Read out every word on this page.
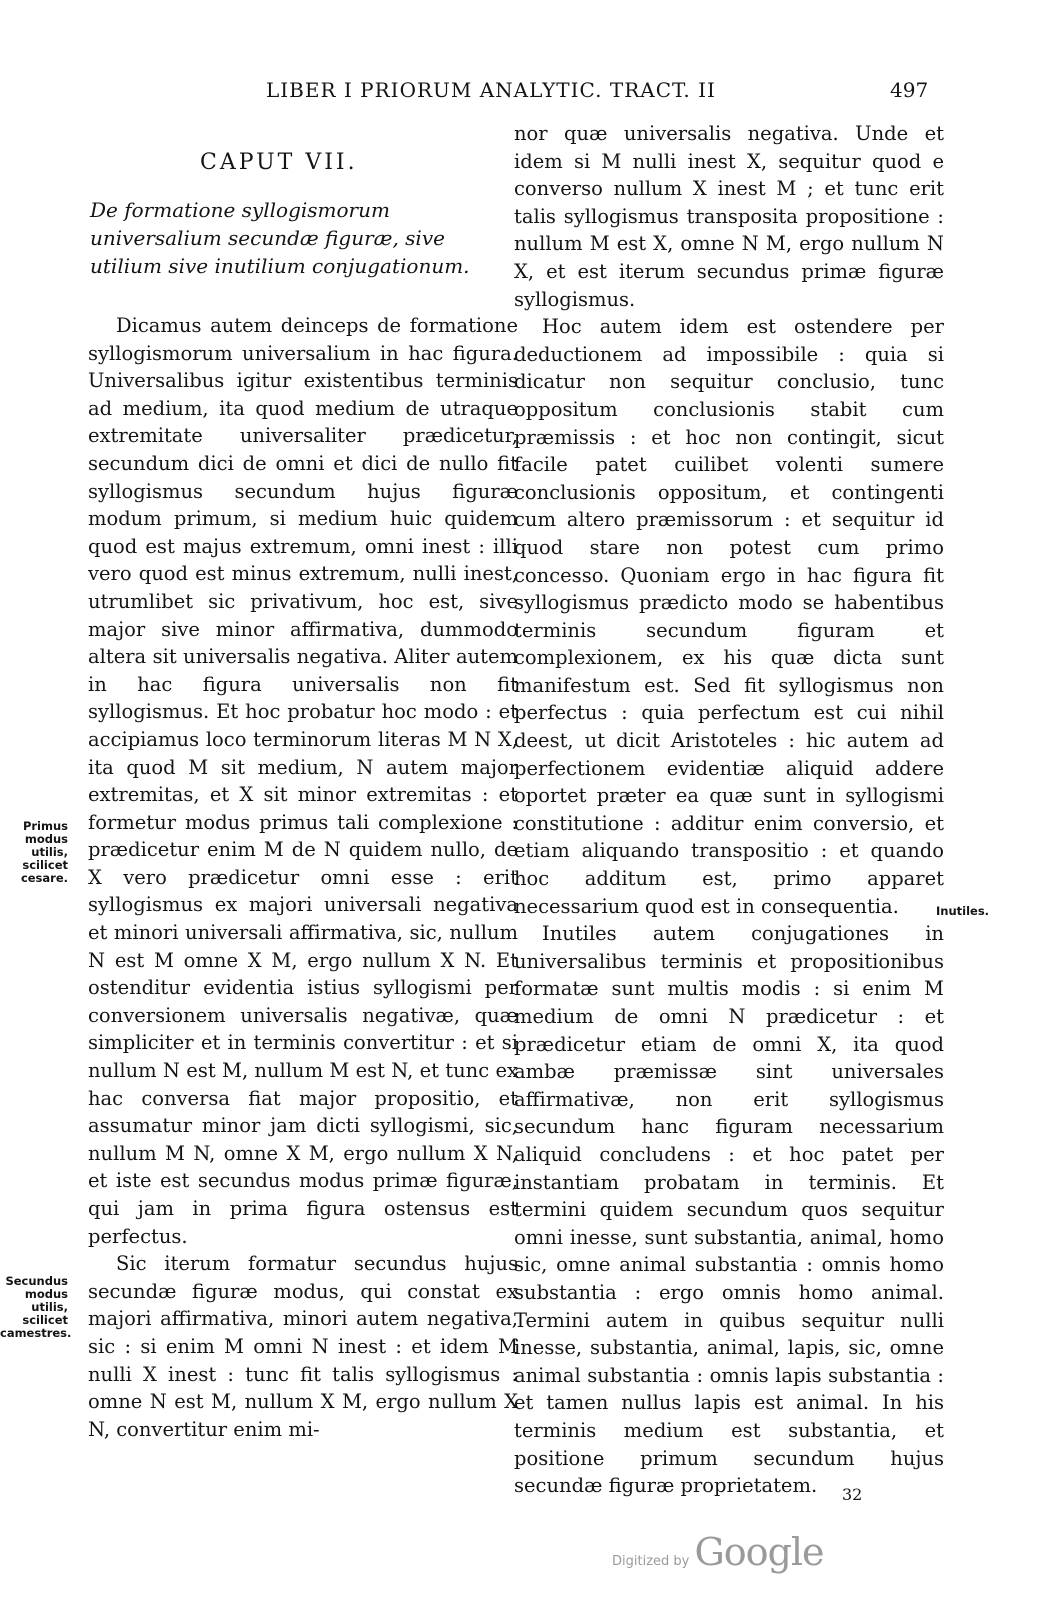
LIBER I PRIORUM ANALYTIC. TRACT. II	497
CAPUT VII.
De formatione syllogismorum universalium secundæ figuræ, sive utilium sive inutilium conjugationum.

Dicamus autem deinceps de formatione syllogismorum universalium in hac figura. Universalibus igitur existentibus terminis ad medium, ita quod medium de utraque extremitate universaliter prædicetur, secundum dici de omni et dici de nullo fit syllogismus secundum hujus figuræ modum primum, si medium huic quidem quod est majus extremum, omni inest : illi vero quod est minus extremum, nulli inest, utrumlibet sic privativum, hoc est, sive major sive minor affirmativa, dummodo altera sit universalis negativa. Aliter autem in hac figura universalis non fit syllogismus. Et hoc probatur hoc modo : et accipiamus loco terminorum literas M N X, ita quod M sit medium, N autem major extremitas, et X sit minor extremitas : et formetur modus primus tali complexione : prædicetur enim M de N quidem nullo, de X vero prædicetur omni esse : erit syllogismus ex majori universali negativa et minori universali affirmativa, sic, nullum N est M omne X M, ergo nullum X N. Et ostenditur evidentia istius syllogismi per conversionem universalis negativæ, quæ simpliciter et in terminis convertitur : et si nullum N est M, nullum M est N, et tunc ex hac conversa fiat major propositio, et assumatur minor jam dicti syllogismi, sic, nullum M N, omne X M, ergo nullum X N, et iste est secundus modus primæ figuræ, qui jam in prima figura ostensus est perfectus.

Sic iterum formatur secundus hujus secundæ figuræ modus, qui constat ex majori affirmativa, minori autem negativa, sic : si enim M omni N inest : et idem M nulli X inest : tunc fit talis syllogismus : omne N est M, nullum X M, ergo nullum X N, convertitur enim mi-

nor quæ universalis negativa. Unde et idem si M nulli inest X, sequitur quod e converso nullum X inest M ; et tunc erit talis syllogismus transposita propositione : nullum M est X, omne N M, ergo nullum N X, et est iterum secundus primæ figuræ syllogismus.

Hoc autem idem est ostendere per deductionem ad impossibile : quia si dicatur non sequitur conclusio, tunc oppositum conclusionis stabit cum præmissis : et hoc non contingit, sicut facile patet cuilibet volenti sumere conclusionis oppositum, et contingenti cum altero præmissorum : et sequitur id quod stare non potest cum primo concesso. Quoniam ergo in hac figura fit syllogismus prædicto modo se habentibus terminis secundum figuram et complexionem, ex his quæ dicta sunt manifestum est. Sed fit syllogismus non perfectus : quia perfectum est cui nihil deest, ut dicit Aristoteles : hic autem ad perfectionem evidentiæ aliquid addere oportet præter ea quæ sunt in syllogismi constitutione : additur enim conversio, et etiam aliquando transpositio : et quando hoc additum est, primo apparet necessarium quod est in consequentia.

Inutiles autem conjugationes in universalibus terminis et propositionibus formatæ sunt multis modis : si enim M medium de omni N prædicetur : et prædicetur etiam de omni X, ita quod ambæ præmissæ sint universales affirmativæ, non erit syllogismus secundum hanc figuram necessarium aliquid concludens : et hoc patet per instantiam probatam in terminis. Et termini quidem secundum quos sequitur omni inesse, sunt substantia, animal, homo sic, omne animal substantia : omnis homo substantia : ergo omnis homo animal. Termini autem in quibus sequitur nulli inesse, substantia, animal, lapis, sic, omne animal substantia : omnis lapis substantia : et tamen nullus lapis est animal. In his terminis medium est substantia, et positione primum secundum hujus secundæ figuræ proprietatem.

Primus modus utilis, scilicet cesare.
Secundus modus utilis, scilicet camestres.
Inutiles.
32
Digitized by Google
